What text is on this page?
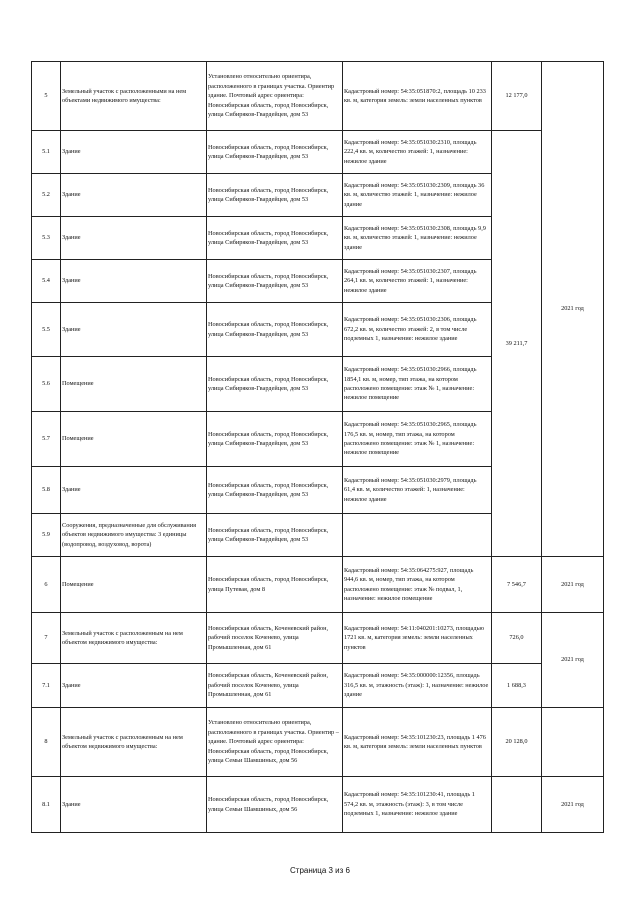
5
Земельный участок с расположенными на нем объектами недвижимого имущества:
Установлено относительно ориентира, расположенного в границах участка. Ориентир здание. Почтовый адрес ориентира: Новосибирская область, город Новосибирск, улица Сибиряков-Гвардейцев, дом 53
Кадастровый номер: 54:35:051870:2, площадь 10 233 кв. м, категория земель: земли населенных пунктов
12 177,0
5.1 Здание
Новосибирская область, город Новосибирск, улица Сибиряков-Гвардейцев, дом 53
Кадастровый номер: 54:35:051030:2310, площадь 222,4 кв. м, количество этажей: 1, назначение: нежилое здание
5.2 Здание
Новосибирская область, город Новосибирск, улица Сибиряков-Гвардейцев, дом 53
Кадастровый номер: 54:35:051030:2309, площадь 36 кв. м, количество этажей: 1, назначение: нежилое здание
5.3 Здание
Новосибирская область, город Новосибирск, улица Сибиряков-Гвардейцев, дом 53
Кадастровый номер: 54:35:051030:2308, площадь 9,9 кв. м, количество этажей: 1, назначение: нежилое здание
5.4 Здание
Новосибирская область, город Новосибирск, улица Сибиряков-Гвардейцев, дом 53
Кадастровый номер: 54:35:051030:2307, площадь 264,1 кв. м, количество этажей: 1, назначение: нежилое здание
5.5 Здание
Новосибирская область, город Новосибирск, улица Сибиряков-Гвардейцев, дом 53
Кадастровый номер: 54:35:051030:2306, площадь 672,2 кв. м, количество этажей: 2, в том числе подземных 1, назначение: нежилое здание
5.6 Помещение
Новосибирская область, город Новосибирск, улица Сибиряков-Гвардейцев, дом 53
Кадастровый номер: 54:35:051030:2966, площадь 1854,1 кв. м, номер, тип этажа, на котором расположено помещение: этаж № 1, назначение: нежилое помещение
5.7 Помещение
Новосибирская область, город Новосибирск, улица Сибиряков-Гвардейцев, дом 53
Кадастровый номер: 54:35:051030:2965, площадь 176,5 кв. м, номер, тип этажа, на котором расположено помещение: этаж № 1, назначение: нежилое помещение
5.8 Здание
Новосибирская область, город Новосибирск, улица Сибиряков-Гвардейцев, дом 53
Кадастровый номер: 54:35:051030:2979, площадь 61,4 кв. м, количество этажей: 1, назначение: нежилое здание
5.9
Сооружения, предназначенные для обслуживания объектов недвижимого имущества: 3 единицы (водопровод, воздуховод, ворота)
Новосибирская область, город Новосибирск, улица Сибиряков-Гвардейцев, дом 53
39 211,7
2021 год
6 Помещение
Новосибирская область, город Новосибирск, улица Путевая, дом 8
Кадастровый номер: 54:35:064275:927, площадь 944,6 кв. м, номер, тип этажа, на котором расположено помещение: этаж № подвал, 1, назначение: нежилое помещение
7 546,7	2021 год
7
Земельный участок с расположенным на нем объектом недвижимого имущества:
Новосибирская область, Коченевский район, рабочий поселок Коченево, улица Промышленная, дом 61
Кадастровый номер: 54:11:040201:10273, площадью 1721 кв. м, категория земель: земли населенных пунктов
726,0
7.1 Здание
Новосибирская область, Коченевский район, рабочий поселок Коченево, улица Промышленная, дом 61
Кадастровый номер: 54:35:000000:12356, площадь 316,5 кв. м, этажность (этаж): 1, назначение: нежилое здание
1 688,3
2021 год
8
Земельный участок с расположенным на нем объектом недвижимого имущества:
Установлено относительно ориентира, расположенного в границах участка. Ориентир – здание. Почтовый адрес ориентира: Новосибирская область, город Новосибирск, улица Семьи Шамшиных, дом 56
Кадастровый номер: 54:35:101230:23, площадь 1 476 кв. м, категория земель: земли населенных пунктов
20 128,0
8.1 Здание
Новосибирская область, город Новосибирск, улица Семьи Шамшиных, дом 56
Кадастровый номер: 54:35:101230:41, площадь 1 574,2 кв. м, этажность (этаж): 3, в том числе подземных 1, назначение: нежилое здание
2021 год
Страница 3 из 6
